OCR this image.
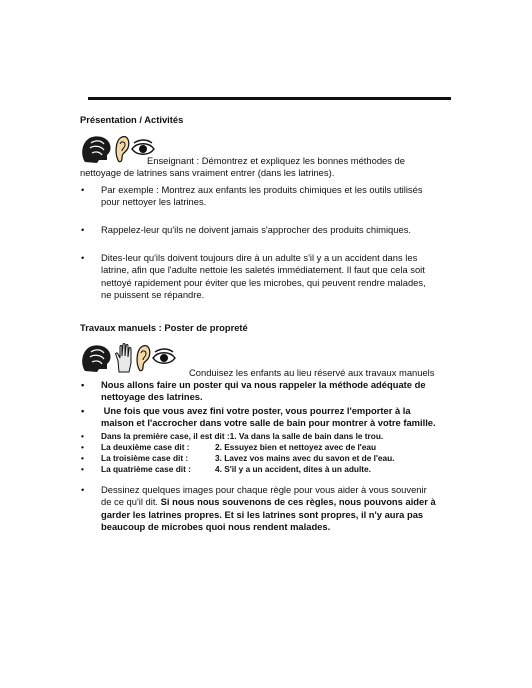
Présentation / Activités
Enseignant : Démontrez et expliquez les bonnes méthodes de
nettoyage de latrines sans vraiment entrer (dans les latrines).
•	Par exemple : Montrez aux enfants les produits chimiques et les outils utilisés
pour nettoyer les latrines.
•	Rappelez-leur qu'ils ne doivent jamais s'approcher des produits chimiques.
•	Dites-leur qu'ils doivent toujours dire à un adulte s'il y a un accident dans les
latrine, afin que l'adulte nettoie les saletés immédiatement. Il faut que cela soit
nettoyé rapidement pour éviter que les microbes, qui peuvent rendre malades,
ne puissent se répandre.
Travaux manuels : Poster de propreté
Conduisez les enfants au lieu réservé aux travaux manuels
•	Nous allons faire un poster qui va nous rappeler la méthode adéquate de
nettoyage des latrines.
•	Une fois que vous avez fini votre poster, vous pourrez l'emporter à la
maison et l'accrocher dans votre salle de bain pour montrer à votre famille.
•	Dans la première case, il est dit : 1. Va dans la salle de bain dans le trou.
•	La deuxième case dit :	2. Essuyez bien et nettoyez avec de l'eau
•	La troisième case dit :	3. Lavez vos mains avec du savon et de l'eau.
•	La quatrième case dit :	4. S'il y a un accident, dites à un adulte.
•	Dessinez quelques images pour chaque règle pour vous aider à vous souvenir
de ce qu'il dit. Si nous nous souvenons de ces règles, nous pouvons aider à
garder les latrines propres. Et si les latrines sont propres, il n'y aura pas
beaucoup de microbes quoi nous rendent malades.
